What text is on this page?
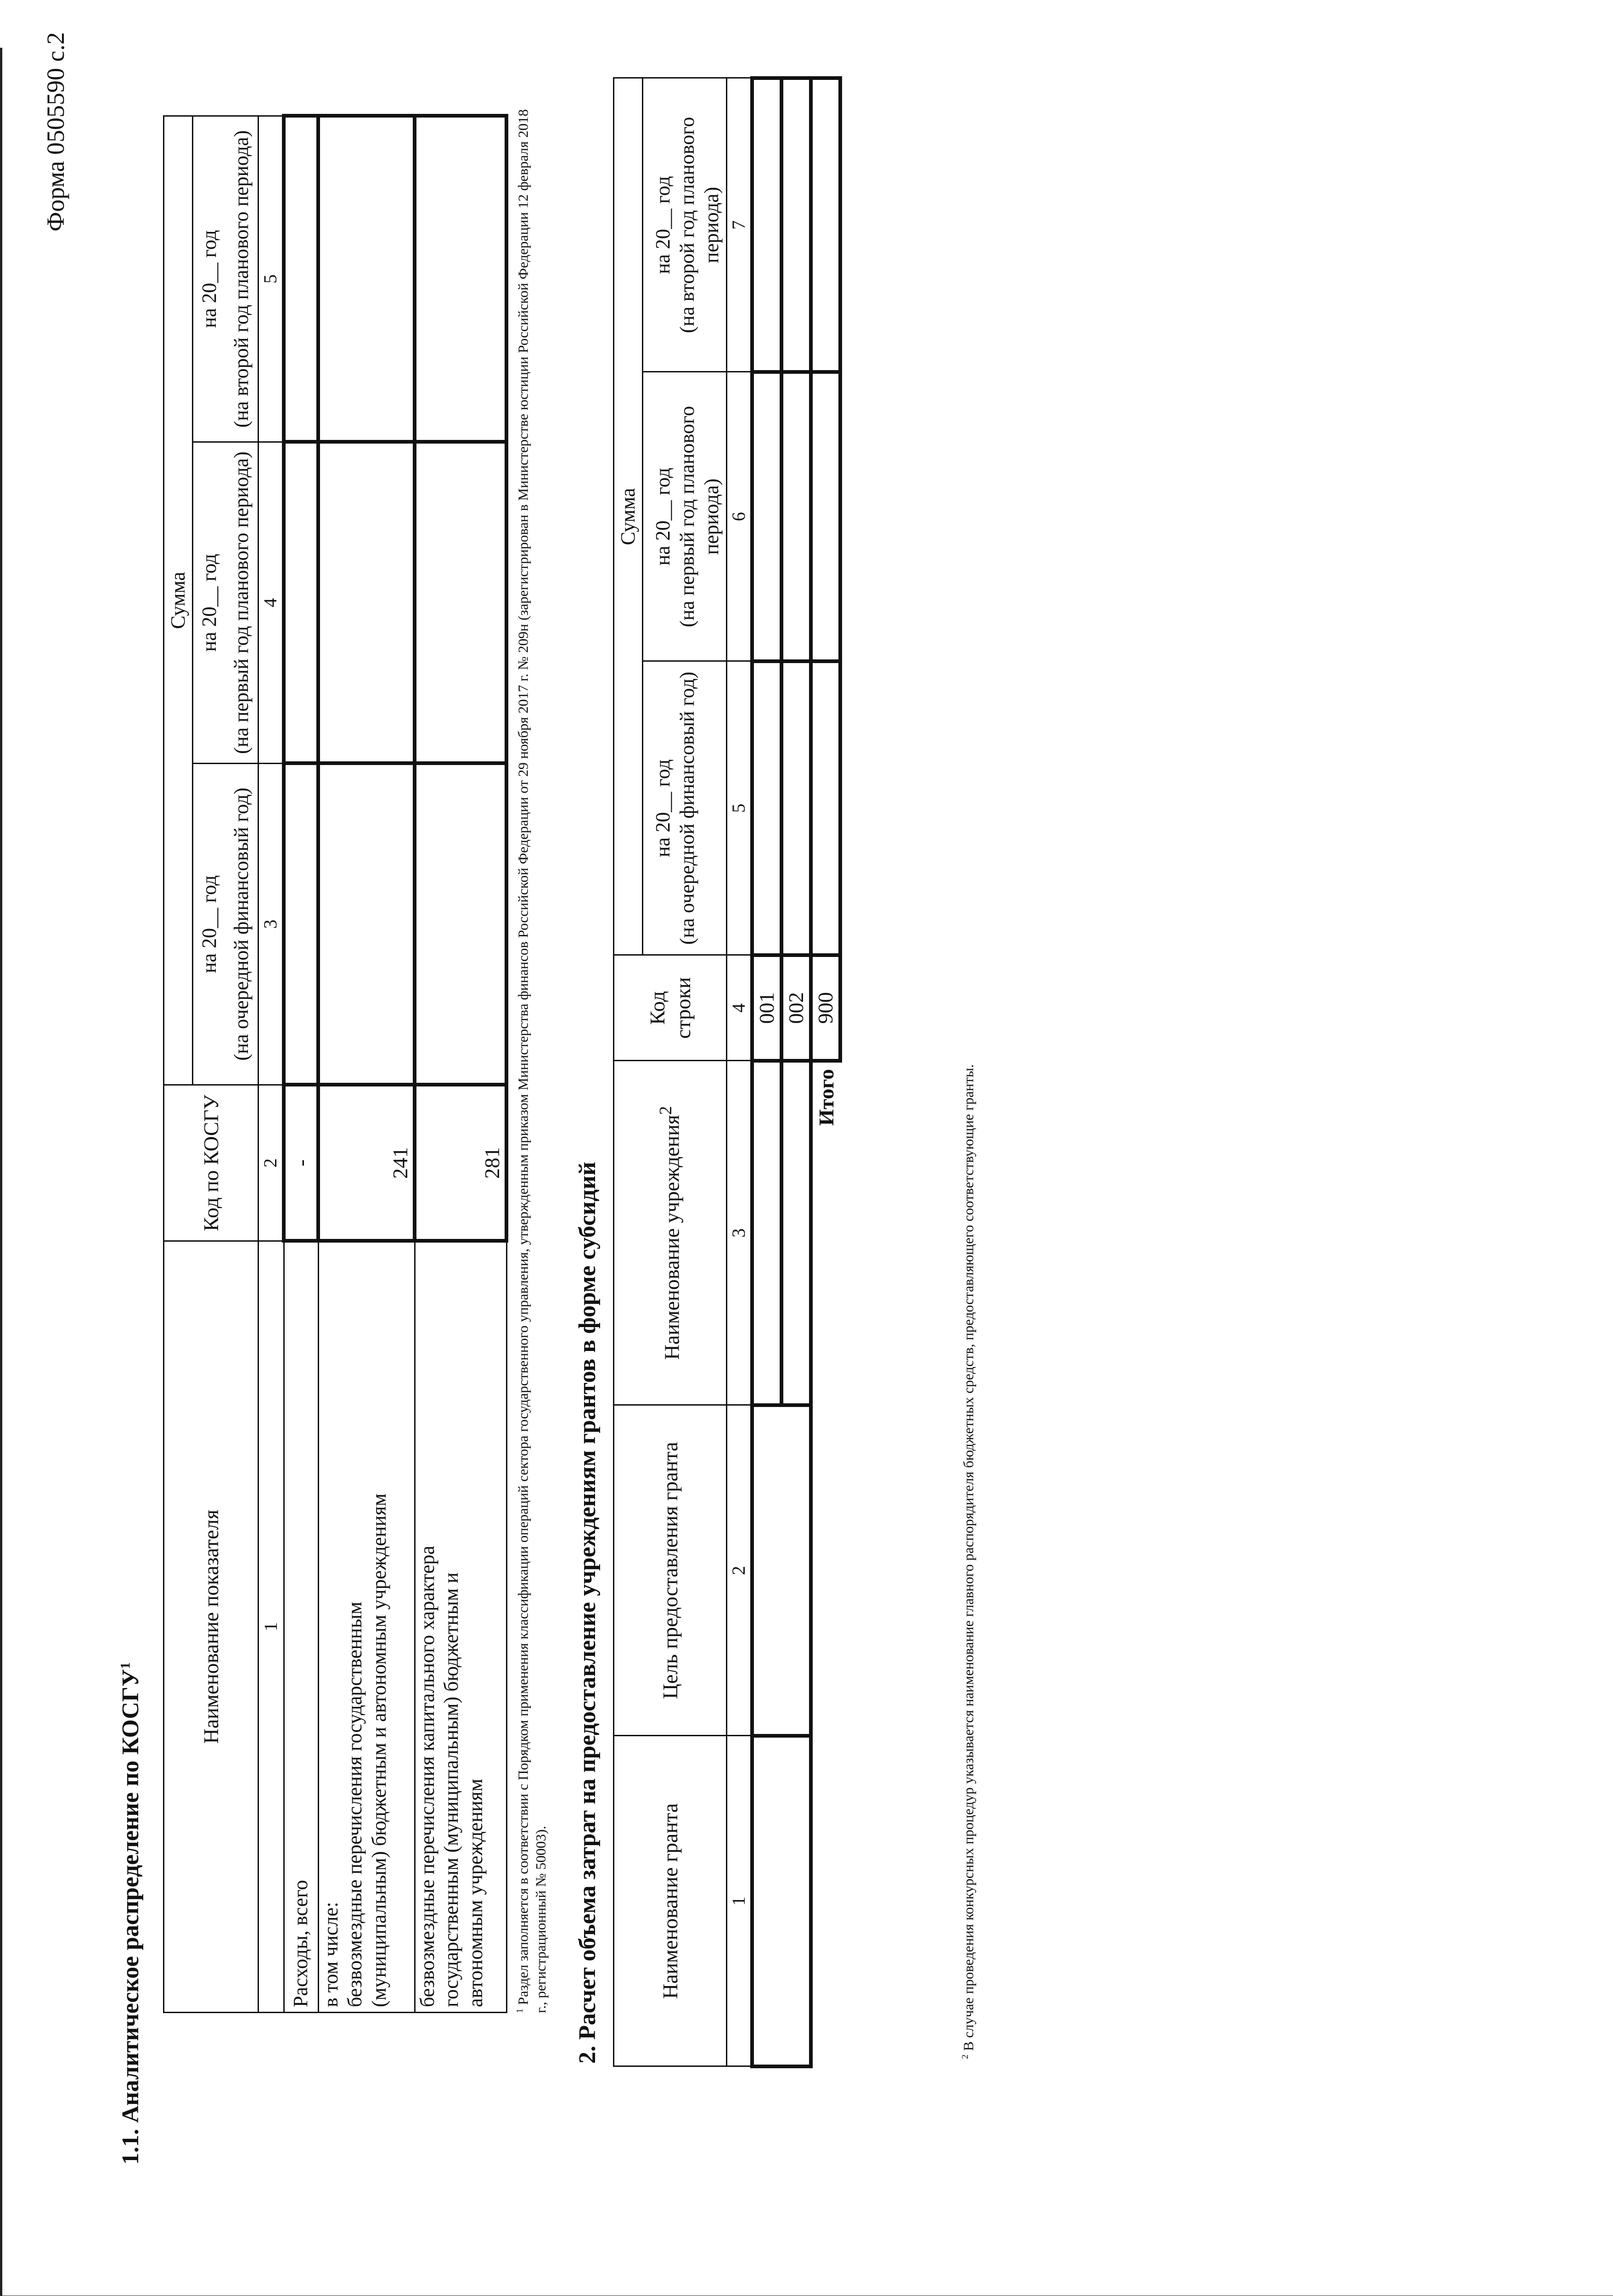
Форма 0505590 с.2
1.1. Аналитическое распределение по КОСГУ$^1$	Наименование показателя	Код по КОСГУ	Сумма		
		на 20__ год	на 20__ год	на 20__ год
		(на очередной финансовый год)	(на первый год планового периода)	(на второй год планового периода)
1	2	3	4	5
Расходы, всего	-			
в том числе:
безвозмездные перечисления государственным
(муниципальным) бюджетным и автономным учреждениям	241			
безвозмездные перечисления капитального характера
государственным (муниципальным) бюджетным и
автономным учреждениям	281			
$^1$ Раздел заполняется в соответствии с Порядком применения классификации операций сектора государственного управления, утвержденным приказом Министерства финансов Российской Федерации от 29 ноября 2017 г. № 209н (зарегистрирован в Министерстве юстиции Российской Федерации 12 февраля 2018 г., регистрационный № 50003). 2. Расчет объема затрат на предоставление учреждениям грантов в форме субсидий	Наименование гранта	Цель предоставления гранта	Наименование учреждения$^2$	Код строки	Сумма		
				на 20__ год	на 20__ год	на 20__ год
				(на очередной финансовый год)	(на первый год планового периода)	(на второй год планового периода)
1	2	3	4	5	6	7
			001			
			002			
Итого			900			
$^2$ В случае проведения конкурсных процедур указывается наименование главного распорядителя бюджетных средств, предоставляющего соответствующие гранты.
